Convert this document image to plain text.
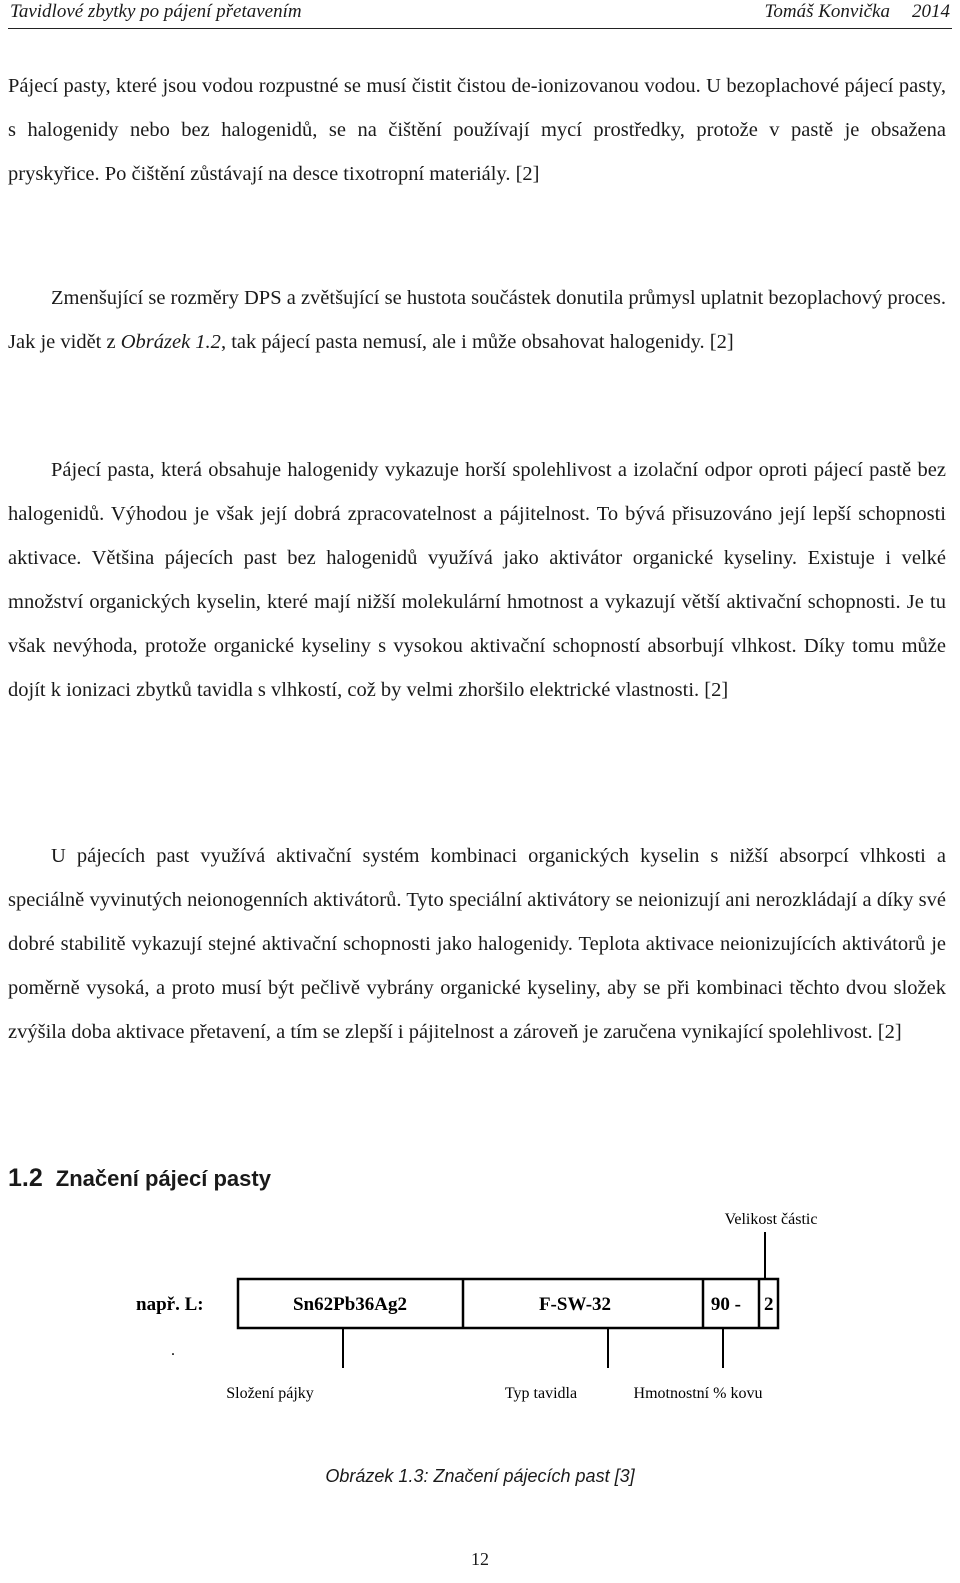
Tavidlové zbytky po pájení přetavením	Tomáš Konvička 2014

Pájecí pasty, které jsou vodou rozpustné se musí čistit čistou de-ionizovanou vodou. U bezoplachové pájecí pasty, s halogenidy nebo bez halogenidů, se na čištění používají mycí prostředky, protože v pastě je obsažena pryskyřice. Po čištění zůstávají na desce tixotropní materiály. [2]

Zmenšující se rozměry DPS a zvětšující se hustota součástek donutila průmysl uplatnit bezoplachový proces. Jak je vidět z Obrázek 1.2, tak pájecí pasta nemusí, ale i může obsahovat halogenidy. [2]

Pájecí pasta, která obsahuje halogenidy vykazuje horší spolehlivost a izolační odpor oproti pájecí pastě bez halogenidů. Výhodou je však její dobrá zpracovatelnost a pájitelnost. To bývá přisuzováno její lepší schopnosti aktivace. Většina pájecích past bez halogenidů využívá jako aktivátor organické kyseliny. Existuje i velké množství organických kyselin, které mají nižší molekulární hmotnost a vykazují větší aktivační schopnosti. Je tu však nevýhoda, protože organické kyseliny s vysokou aktivační schopností absorbují vlhkost. Díky tomu může dojít k ionizaci zbytků tavidla s vlhkostí, což by velmi zhoršilo elektrické vlastnosti. [2]

U pájecích past využívá aktivační systém kombinaci organických kyselin s nižší absorpcí vlhkosti a speciálně vyvinutých neionogenních aktivátorů. Tyto speciální aktivátory se neionizují ani nerozkládají a díky své dobré stabilitě vykazují stejné aktivační schopnosti jako halogenidy. Teplota aktivace neionizujících aktivátorů je poměrně vysoká, a proto musí být pečlivě vybrány organické kyseliny, aby se při kombinaci těchto dvou složek zvýšila doba aktivace přetavení, a tím se zlepší i pájitelnost a zároveň je zaručena vynikající spolehlivost. [2]

1.2 Značení pájecí pasty
např. L:	Sn62Pb36Ag2	F-SW-32	90 - 2
.
Složení pájky	Typ tavidla	Hmotnostní % kovu
Velikost částic

Obrázek 1.3: Značení pájecích past [3]

12
